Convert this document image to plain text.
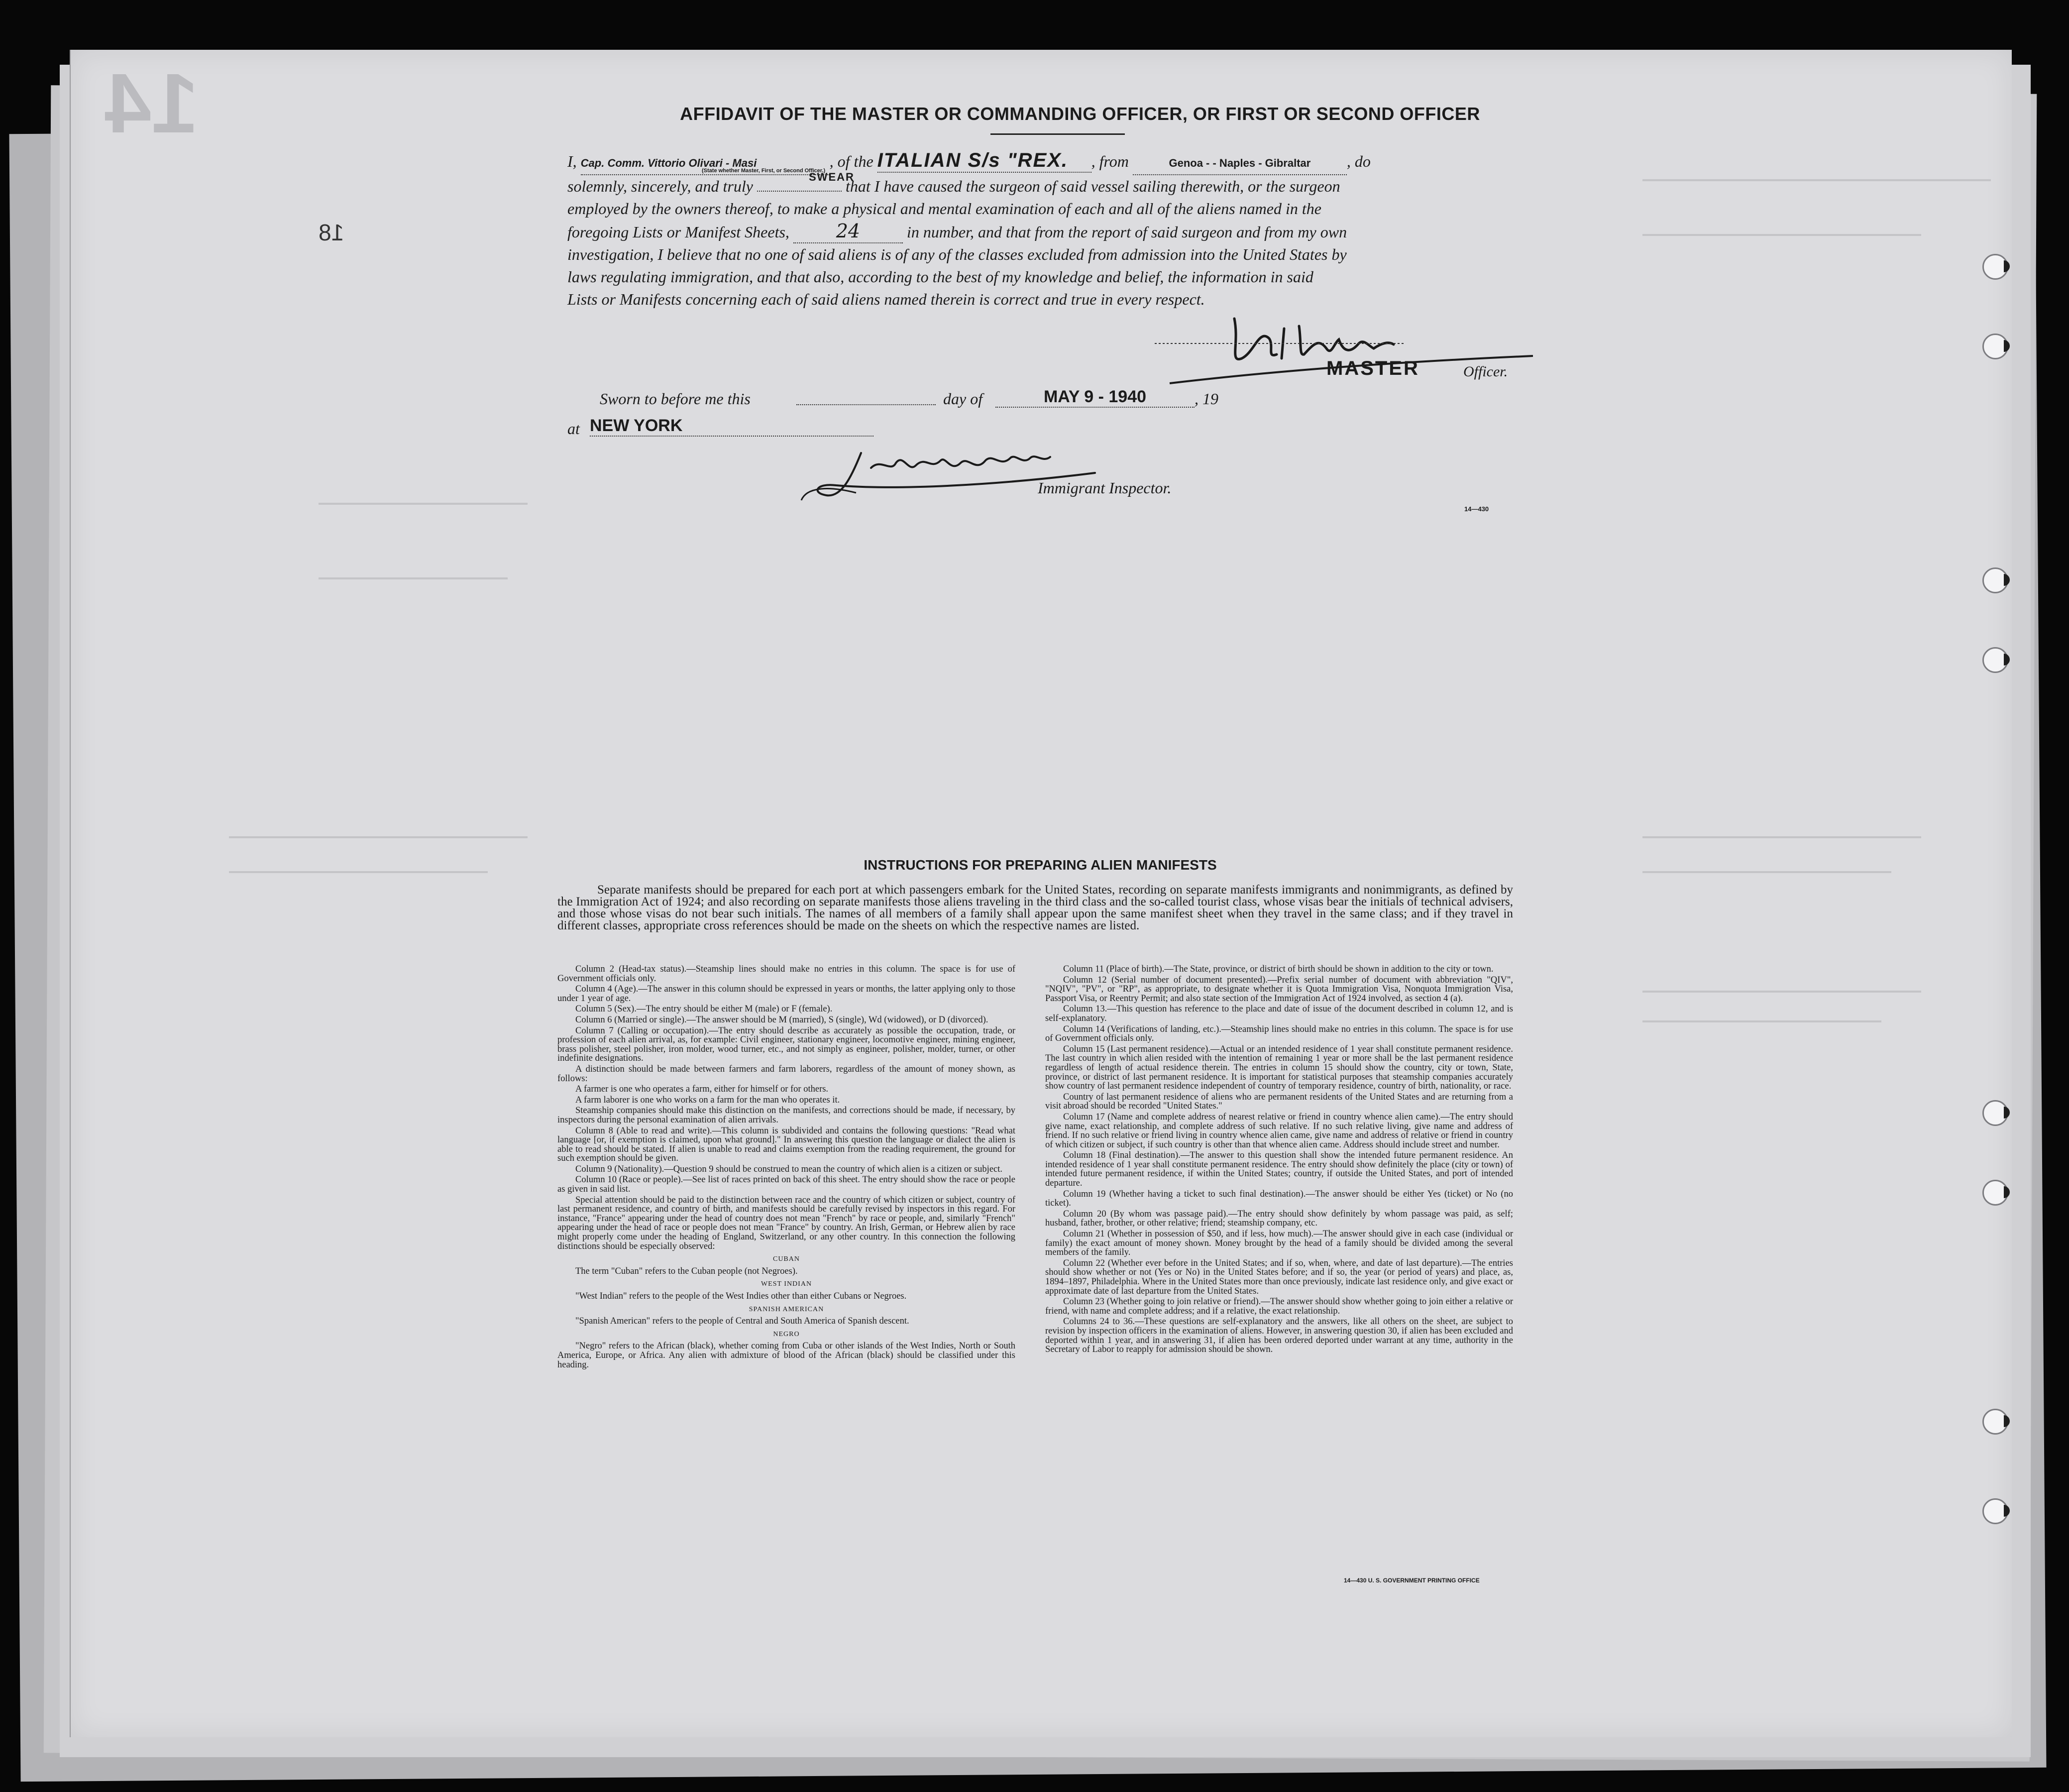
14
18
AFFIDAVIT OF THE MASTER OR COMMANDING OFFICER, OR FIRST OR SECOND OFFICER

I, Cap. Comm. Vittorio Olivari - Masi	, of the ITALIAN S/s "REX. , from	Genoa - - Naples - Gibraltar , do

solemnly, sincerely, and truly	that I have caused the surgeon of said vessel sailing therewith, or the surgeon

employed by the owners thereof, to make a physical and mental examination of each and all of the aliens named in the

foregoing Lists or Manifest Sheets, 24	in number, and that from the report of said surgeon and from my own

investigation, I believe that no one of said aliens is of any of the classes excluded from admission into the United States by

laws regulating immigration, and that also, according to the best of my knowledge and belief, the information in said

Lists or Manifests concerning each of said aliens named therein is correct and true in every respect.

(State whether Master, First, or Second Officer.)
SWEAR
MASTER	Officer.
Sworn to before me this	day of	MAY 9 - 1940	, 19
at NEW YORK
Immigrant Inspector.
14—430
INSTRUCTIONS FOR PREPARING ALIEN MANIFESTS
Separate manifests should be prepared for each port at which passengers embark for the United States, recording on separate manifests immigrants and nonimmigrants, as defined by the Immigration Act of 1924; and also recording on separate manifests those aliens traveling in the third class and the so-called tourist class, whose visas bear the initials of technical advisers, and those whose visas do not bear such initials. The names of all members of a family shall appear upon the same manifest sheet when they travel in the same class; and if they travel in different classes, appropriate cross references should be made on the sheets on which the respective names are listed.

Column 2 (Head-tax status).—Steamship lines should make no entries in this column. The space is for use of Government officials only.

Column 4 (Age).—The answer in this column should be expressed in years or months, the latter applying only to those under 1 year of age.

Column 5 (Sex).—The entry should be either M (male) or F (female).

Column 6 (Married or single).—The answer should be M (married), S (single), Wd (widowed), or D (divorced).

Column 7 (Calling or occupation).—The entry should describe as accurately as possible the occupation, trade, or profession of each alien arrival, as, for example: Civil engineer, stationary engineer, locomotive engineer, mining engineer, brass polisher, steel polisher, iron molder, wood turner, etc., and not simply as engineer, polisher, molder, turner, or other indefinite designations.

A distinction should be made between farmers and farm laborers, regardless of the amount of money shown, as follows:

A farmer is one who operates a farm, either for himself or for others.

A farm laborer is one who works on a farm for the man who operates it.

Steamship companies should make this distinction on the manifests, and corrections should be made, if necessary, by inspectors during the personal examination of alien arrivals.

Column 8 (Able to read and write).—This column is subdivided and contains the following questions: "Read what language [or, if exemption is claimed, upon what ground]." In answering this question the language or dialect the alien is able to read should be stated. If alien is unable to read and claims exemption from the reading requirement, the ground for such exemption should be given.

Column 9 (Nationality).—Question 9 should be construed to mean the country of which alien is a citizen or subject.

Column 10 (Race or people).—See list of races printed on back of this sheet. The entry should show the race or people as given in said list.

Special attention should be paid to the distinction between race and the country of which citizen or subject, country of last permanent residence, and country of birth, and manifests should be carefully revised by inspectors in this regard. For instance, "France" appearing under the head of country does not mean "French" by race or people, and, similarly "French" appearing under the head of race or people does not mean "France" by country. An Irish, German, or Hebrew alien by race might properly come under the heading of England, Switzerland, or any other country. In this connection the following distinctions should be especially observed:

CUBAN

The term "Cuban" refers to the Cuban people (not Negroes).

WEST INDIAN

"West Indian" refers to the people of the West Indies other than either Cubans or Negroes.

SPANISH AMERICAN

"Spanish American" refers to the people of Central and South America of Spanish descent.

NEGRO

"Negro" refers to the African (black), whether coming from Cuba or other islands of the West Indies, North or South America, Europe, or Africa. Any alien with admixture of blood of the African (black) should be classified under this heading.

Column 11 (Place of birth).—The State, province, or district of birth should be shown in addition to the city or town.

Column 12 (Serial number of document presented).—Prefix serial number of document with abbreviation "QIV", "NQIV", "PV", or "RP", as appropriate, to designate whether it is Quota Immigration Visa, Nonquota Immigration Visa, Passport Visa, or Reentry Permit; and also state section of the Immigration Act of 1924 involved, as section 4 (a).

Column 13.—This question has reference to the place and date of issue of the document described in column 12, and is self-explanatory.

Column 14 (Verifications of landing, etc.).—Steamship lines should make no entries in this column. The space is for use of Government officials only.

Column 15 (Last permanent residence).—Actual or an intended residence of 1 year shall constitute permanent residence. The last country in which alien resided with the intention of remaining 1 year or more shall be the last permanent residence regardless of length of actual residence therein. The entries in column 15 should show the country, city or town, State, province, or district of last permanent residence. It is important for statistical purposes that steamship companies accurately show country of last permanent residence independent of country of temporary residence, country of birth, nationality, or race.

Country of last permanent residence of aliens who are permanent residents of the United States and are returning from a visit abroad should be recorded "United States."

Column 17 (Name and complete address of nearest relative or friend in country whence alien came).—The entry should give name, exact relationship, and complete address of such relative. If no such relative living, give name and address of friend. If no such relative or friend living in country whence alien came, give name and address of relative or friend in country of which citizen or subject, if such country is other than that whence alien came. Address should include street and number.

Column 18 (Final destination).—The answer to this question shall show the intended future permanent residence. An intended residence of 1 year shall constitute permanent residence. The entry should show definitely the place (city or town) of intended future permanent residence, if within the United States; country, if outside the United States, and port of intended departure.

Column 19 (Whether having a ticket to such final destination).—The answer should be either Yes (ticket) or No (no ticket).

Column 20 (By whom was passage paid).—The entry should show definitely by whom passage was paid, as self; husband, father, brother, or other relative; friend; steamship company, etc.

Column 21 (Whether in possession of $50, and if less, how much).—The answer should give in each case (individual or family) the exact amount of money shown. Money brought by the head of a family should be divided among the several members of the family.

Column 22 (Whether ever before in the United States; and if so, when, where, and date of last departure).—The entries should show whether or not (Yes or No) in the United States before; and if so, the year (or period of years) and place, as, 1894–1897, Philadelphia. Where in the United States more than once previously, indicate last residence only, and give exact or approximate date of last departure from the United States.

Column 23 (Whether going to join relative or friend).—The answer should show whether going to join either a relative or friend, with name and complete address; and if a relative, the exact relationship.

Columns 24 to 36.—These questions are self-explanatory and the answers, like all others on the sheet, are subject to revision by inspection officers in the examination of aliens. However, in answering question 30, if alien has been excluded and deported within 1 year, and in answering 31, if alien has been ordered deported under warrant at any time, authority in the Secretary of Labor to reapply for admission should be shown.

14—430 U. S. GOVERNMENT PRINTING OFFICE
